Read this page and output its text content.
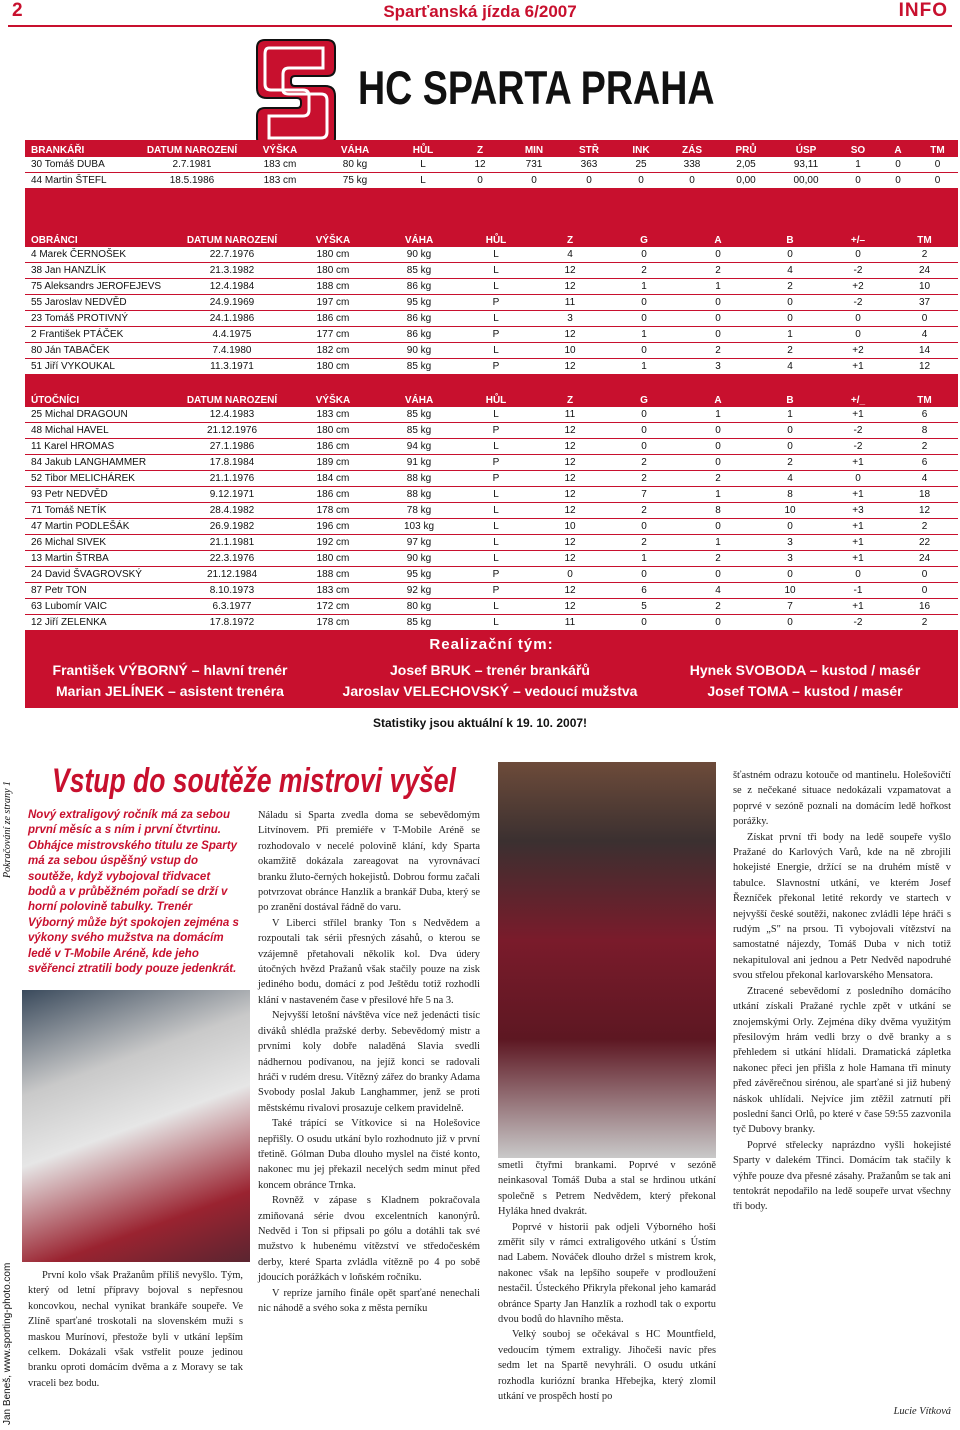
2	Sparťanská jízda 6/2007	INFO
HC SPARTA PRAHA
BRANKÁŘI	DATUM NAROZENÍ	VÝŠKA	VÁHA	HŮL	Z	MIN	STŘ	INK	ZÁS	PRŮ	ÚSP	SO	A	TM
30 Tomáš DUBA	2.7.1981	183 cm	80 kg	L	12	731	363	25	338	2,05	93,11	1	0	0
44 Martin ŠTEFL	18.5.1986	183 cm	75 kg	L	0	0	0	0	0	0,00	00,00	0	0	0
OBRÁNCI	DATUM NAROZENÍ	VÝŠKA	VÁHA	HŮL	Z	G	A	B	+/–	TM
4 Marek ČERNOŠEK	22.7.1976	180 cm	90 kg	L	4	0	0	0	0	2
38 Jan HANZLÍK	21.3.1982	180 cm	85 kg	L	12	2	2	4	-2	24
75 Aleksandrs JEROFEJEVS	12.4.1984	188 cm	86 kg	L	12	1	1	2	+2	10
55 Jaroslav NEDVĚD	24.9.1969	197 cm	95 kg	P	11	0	0	0	-2	37
23 Tomáš PROTIVNÝ	24.1.1986	186 cm	86 kg	L	3	0	0	0	0	0
2 František PTÁČEK	4.4.1975	177 cm	86 kg	P	12	1	0	1	0	4
80 Ján TABAČEK	7.4.1980	182 cm	90 kg	L	10	0	2	2	+2	14
51 Jiří VYKOUKAL	11.3.1971	180 cm	85 kg	P	12	1	3	4	+1	12
ÚTOČNÍCI	DATUM NAROZENÍ	VÝŠKA	VÁHA	HŮL	Z	G	A	B	+/_	TM
25 Michal DRAGOUN	12.4.1983	183 cm	85 kg	L	11	0	1	1	+1	6
48 Michal HAVEL	21.12.1976	180 cm	85 kg	P	12	0	0	0	-2	8
11 Karel HROMAS	27.1.1986	186 cm	94 kg	L	12	0	0	0	-2	2
84 Jakub LANGHAMMER	17.8.1984	189 cm	91 kg	P	12	2	0	2	+1	6
52 Tibor MELICHÁREK	21.1.1976	184 cm	88 kg	P	12	2	2	4	0	4
93 Petr NEDVĚD	9.12.1971	186 cm	88 kg	L	12	7	1	8	+1	18
71 Tomáš NETÍK	28.4.1982	178 cm	78 kg	L	12	2	8	10	+3	12
47 Martin PODLEŠÁK	26.9.1982	196 cm	103 kg	L	10	0	0	0	+1	2
26 Michal SIVEK	21.1.1981	192 cm	97 kg	L	12	2	1	3	+1	22
13 Martin ŠTRBA	22.3.1976	180 cm	90 kg	L	12	1	2	3	+1	24
24 David ŠVAGROVSKÝ	21.12.1984	188 cm	95 kg	P	0	0	0	0	0	0
87 Petr TON	8.10.1973	183 cm	92 kg	P	12	6	4	10	-1	0
63 Lubomír VAIC	6.3.1977	172 cm	80 kg	L	12	5	2	7	+1	16
12 Jiří ZELENKA	17.8.1972	178 cm	85 kg	L	11	0	0	0	-2	2
Realizační tým:
František VÝBORNÝ – hlavní trenér	Josef BRUK – trenér brankářů	Hynek SVOBODA – kustod / masér
Marian JELÍNEK – asistent trenéra	Jaroslav VELECHOVSKÝ – vedoucí mužstva	Josef TOMA – kustod / masér
Statistiky jsou aktuální k 19. 10. 2007!
Pokračování ze strany 1
Jan Beneš, www.sporting-photo.com
Vstup do soutěže mistrovi vyšel
Nový extraligový ročník má za sebou první měsíc a s ním i první čtvrtinu. Obhájce mistrovského titulu ze Sparty má za sebou úspěšný vstup do soutěže, když vybojoval třidvacet bodů a v průběžném pořadí se drží v horní polovině tabulky. Trenér Výborný může být spokojen zejména s výkony svého mužstva na domácím ledě v T-Mobile Aréně, kde jeho svěřenci ztratili body pouze jedenkrát.

První kolo však Pražanům příliš nevyšlo. Tým, který od letní přípravy bojoval s nepřesnou koncovkou, nechal vynikat brankáře soupeře. Ve Zlíně sparťané troskotali na slovenském muži s maskou Murínoví, přestože byli v utkání lepším celkem. Dokázali však vstřelit pouze jedinou branku oproti domácím dvěma a z Moravy se tak vraceli bez bodu.

Náladu si Sparta zvedla doma se sebevědomým Litvínovem. Při premiéře v T-Mobile Aréně se rozhodovalo v necelé polovině klání, kdy Sparta okamžitě dokázala zareagovat na vyrovnávací branku žluto-černých hokejistů. Dobrou formu začali potvrzovat obránce Hanzlík a brankář Duba, který se po zranění dostával řádně do varu.

V Liberci střílel branky Ton s Nedvědem a rozpoutali tak sérii přesných zásahů, o kterou se vzájemně přetahovali několik kol. Dva údery útočných hvězd Pražanů však stačily pouze na zisk jediného bodu, domácí z pod Ještědu totiž rozhodli klání v nastaveném čase v přesilové hře 5 na 3.

Nejvyšší letošní návštěva více než jedenácti tisíc diváků shlédla pražské derby. Sebevědomý mistr a prvními koly dobře naladěná Slavia svedli nádhernou podívanou, na jejíž konci se radovali hráči v rudém dresu. Vítězný zářez do branky Adama Svobody poslal Jakub Langhammer, jenž se proti městskému rivalovi prosazuje celkem pravidelně.

Také trápící se Vítkovice si na Holešovice nepřišly. O osudu utkání bylo rozhodnuto již v první třetině. Gólman Duba dlouho myslel na čisté konto, nakonec mu jej překazil necelých sedm minut před koncem obránce Trnka.

Rovněž v zápase s Kladnem pokračovala zmiňovaná série dvou excelentních kanonýrů. Nedvěd i Ton si připsali po gólu a dotáhli tak své mužstvo k hubenému vítězství ve středočeském derby, které Sparta zvládla vítězně po 4 po sobě jdoucích porážkách v loňském ročníku.

V repríze jarního finále opět sparťané nenechali nic náhodě a svého soka z města perníku

smetli čtyřmi brankami. Poprvé v sezóně neinkasoval Tomáš Duba a stal se hrdinou utkání společně s Petrem Nedvědem, který překonal Hyláka hned dvakrát.

Poprvé v historii pak odjeli Výborného hoši změřit síly v rámci extraligového utkání s Ústím nad Labem. Nováček dlouho držel s mistrem krok, nakonec však na lepšího soupeře v prodloužení nestačil. Ústeckého Přikryla překonal jeho kamarád obránce Sparty Jan Hanzlík a rozhodl tak o exportu dvou bodů do hlavního města.

Velký souboj se očekával s HC Mountfield, vedoucím týmem extraligy. Jihočeši navíc přes sedm let na Spartě nevyhráli. O osudu utkání rozhodla kuriózní branka Hřebejka, který zlomil utkání ve prospěch hostí po

šťastném odrazu kotouče od mantinelu. Holešovičtí se z nečekané situace nedokázali vzpamatovat a poprvé v sezóně poznali na domácím ledě hořkost porážky.

Získat první tři body na ledě soupeře vyšlo Pražané do Karlových Varů, kde na ně zbrojili hokejisté Energie, držící se na druhém místě v tabulce. Slavnostní utkání, ve kterém Josef Řezníček překonal letité rekordy ve startech v nejvyšší české soutěži, nakonec zvládli lépe hráči s rudým „S" na prsou. Ti vybojovali vítězství na samostatné nájezdy, Tomáš Duba v nich totiž nekapituloval ani jednou a Petr Nedvěd napodruhé svou střelou překonal karlovarského Mensatora.

Ztracené sebevědomí z posledního domácího utkání získali Pražané rychle zpět v utkání se znojemskými Orly. Zejména díky dvěma využitým přesilovým hrám vedli brzy o dvě branky a s přehledem si utkání hlídali. Dramatická zápletka nakonec přeci jen přišla z hole Hamana tři minuty před závěrečnou sirénou, ale sparťané si již hubený náskok uhlídali. Nejvíce jim ztěžil zatrnutí při poslední šanci Orlů, po které v čase 59:55 zazvonila tyč Dubovy branky.

Poprvé střelecky naprázdno vyšli hokejisté Sparty v dalekém Třinci. Domácím tak stačily k výhře pouze dva přesné zásahy. Pražanům se tak ani tentokrát nepodařilo na ledě soupeře urvat všechny tři body.

Lucie Vítková
